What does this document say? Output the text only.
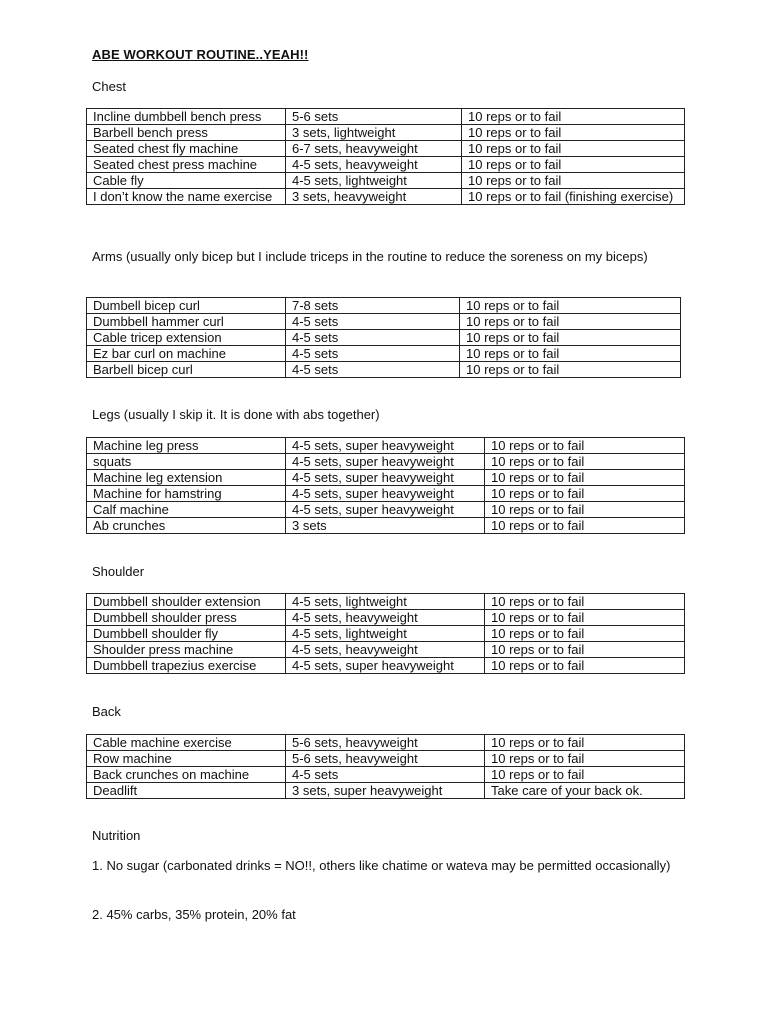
ABE WORKOUT ROUTINE..YEAH!!
Chest
Incline dumbbell bench press	5-6 sets	10 reps or to fail
Barbell bench press	3 sets, lightweight	10 reps or to fail
Seated chest fly machine	6-7 sets, heavyweight	10 reps or to fail
Seated chest press machine	4-5 sets, heavyweight	10 reps or to fail
Cable fly	4-5 sets, lightweight	10 reps or to fail
I don’t know the name exercise	3 sets, heavyweight	10 reps or to fail (finishing exercise)
Arms (usually only bicep but I include triceps in the routine to reduce the soreness on my biceps)
Dumbell bicep curl	7-8 sets	10 reps or to fail
Dumbbell hammer curl	4-5 sets	10 reps or to fail
Cable tricep extension	4-5 sets	10 reps or to fail
Ez bar curl on machine	4-5 sets	10 reps or to fail
Barbell bicep curl	4-5 sets	10 reps or to fail
Legs (usually I skip it. It is done with abs together)
Machine leg press	4-5 sets, super heavyweight	10 reps or to fail
squats	4-5 sets, super heavyweight	10 reps or to fail
Machine leg extension	4-5 sets, super heavyweight	10 reps or to fail
Machine for hamstring	4-5 sets, super heavyweight	10 reps or to fail
Calf machine	4-5 sets, super heavyweight	10 reps or to fail
Ab crunches	3 sets	10 reps or to fail
Shoulder
Dumbbell shoulder extension	4-5 sets, lightweight	10 reps or to fail
Dumbbell shoulder press	4-5 sets, heavyweight	10 reps or to fail
Dumbbell shoulder fly	4-5 sets, lightweight	10 reps or to fail
Shoulder press machine	4-5 sets, heavyweight	10 reps or to fail
Dumbbell trapezius exercise	4-5 sets, super heavyweight	10 reps or to fail
Back
Cable machine exercise	5-6 sets, heavyweight	10 reps or to fail
Row machine	5-6 sets, heavyweight	10 reps or to fail
Back crunches on machine	4-5 sets	10 reps or to fail
Deadlift	3 sets, super heavyweight	Take care of your back ok.
Nutrition
1. No sugar (carbonated drinks = NO!!, others like chatime or wateva may be permitted occasionally)
2. 45% carbs, 35% protein, 20% fat
